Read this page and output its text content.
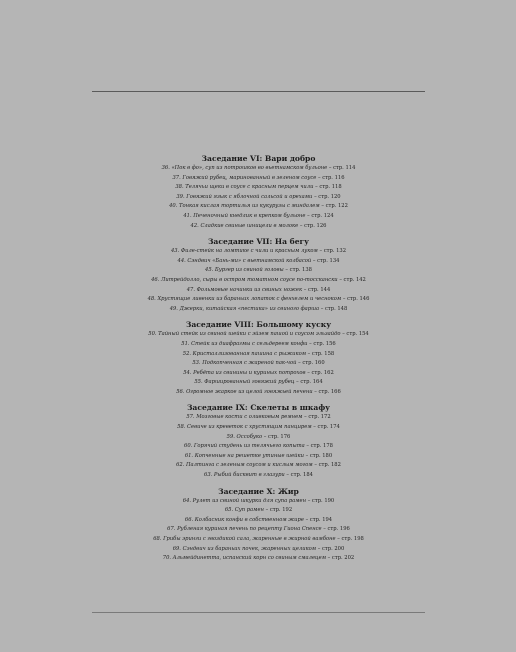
Заседание VI: Вари добро
36. «Пок в фо», суп из потрошков во вьетнамском бульоне – стр. 114
37. Говяжий рубец, маринованный в зеленом соусе – стр. 116
38. Телячьи щеки в соусе с красным перцем чили – стр. 118
39. Говяжий язык с яблочной сальсой и орехами – стр. 120
40. Тонкая кислая тортилья из кукурузы с миндалем – стр. 122
41. Печеночный кнедлик в крепком бульоне – стр. 124
42. Сладкие свиные шницели в молоке – стр. 126
Заседание VII: На бегу
43. Филе-стейк на ломтике с чили и красным луком – стр. 132
44. Сэндвич «Бань-ми» с вьетнамской колбасой – стр. 134
45. Бургер из свиной головы – стр. 138
46. Литрейдолло, сыры в остром томатном соусе по-тосскански – стр. 142
47. Фольмовые начинки из свиных ножек – стр. 144
48. Хрустящие ливенки из бараньих лопаток с фенхелем и чесноком – стр. 146
49. Джерки, китайская «пестика» из свиного фарша – стр. 148
Заседание VIII: Большому куску
50. Тайный стейк из свиной шейки с эйзем пашой и соусом эльзайдо – стр. 154
51. Стейк из диафрагмы с сельдереем конфи – стр. 156
52. Кристаллизованная пашина с рыжиком – стр. 158
53. Подкопченная с жареной пак-чой – стр. 160
54. Ребёта из свинины и куриных потрохов – стр. 162
55. Фаршированный говяжий рубец – стр. 164
56. Огромное жаркое из целой говяжьей печени – стр. 166
Заседание IX: Скелеты в шкафу
57. Мозговые кости с оливковым ремнем – стр. 172
58. Севиче из креветок с хрустящим панцирем – стр. 174
59. Оссобуко – стр. 176
60. Горячий студень из телячьего копыта – стр. 178
61. Копченные на решетке утиные шейки – стр. 180
62. Палтинга с зеленым соусом и кислым могом – стр. 182
63. Рыбий бисквит в глазури – стр. 184
Заседание X: Жир
64. Рулет из свиной шкурки для супа рамен – стр. 190
65. Суп рамен – стр. 192
66. Колбасник конфи в собственном жире – стр. 194
67. Рубленая куриная печень по рецепту Гиона Спенсе – стр. 196
68. Грибы эринги с гвоздикой сала, жаренные в жирной вамбоне – стр. 198
69. Сэндвич из бараньих почек, жаренных целиком – стр. 200
70. Альмейдинетта, испанский корн со свиным смалецем – стр. 202
